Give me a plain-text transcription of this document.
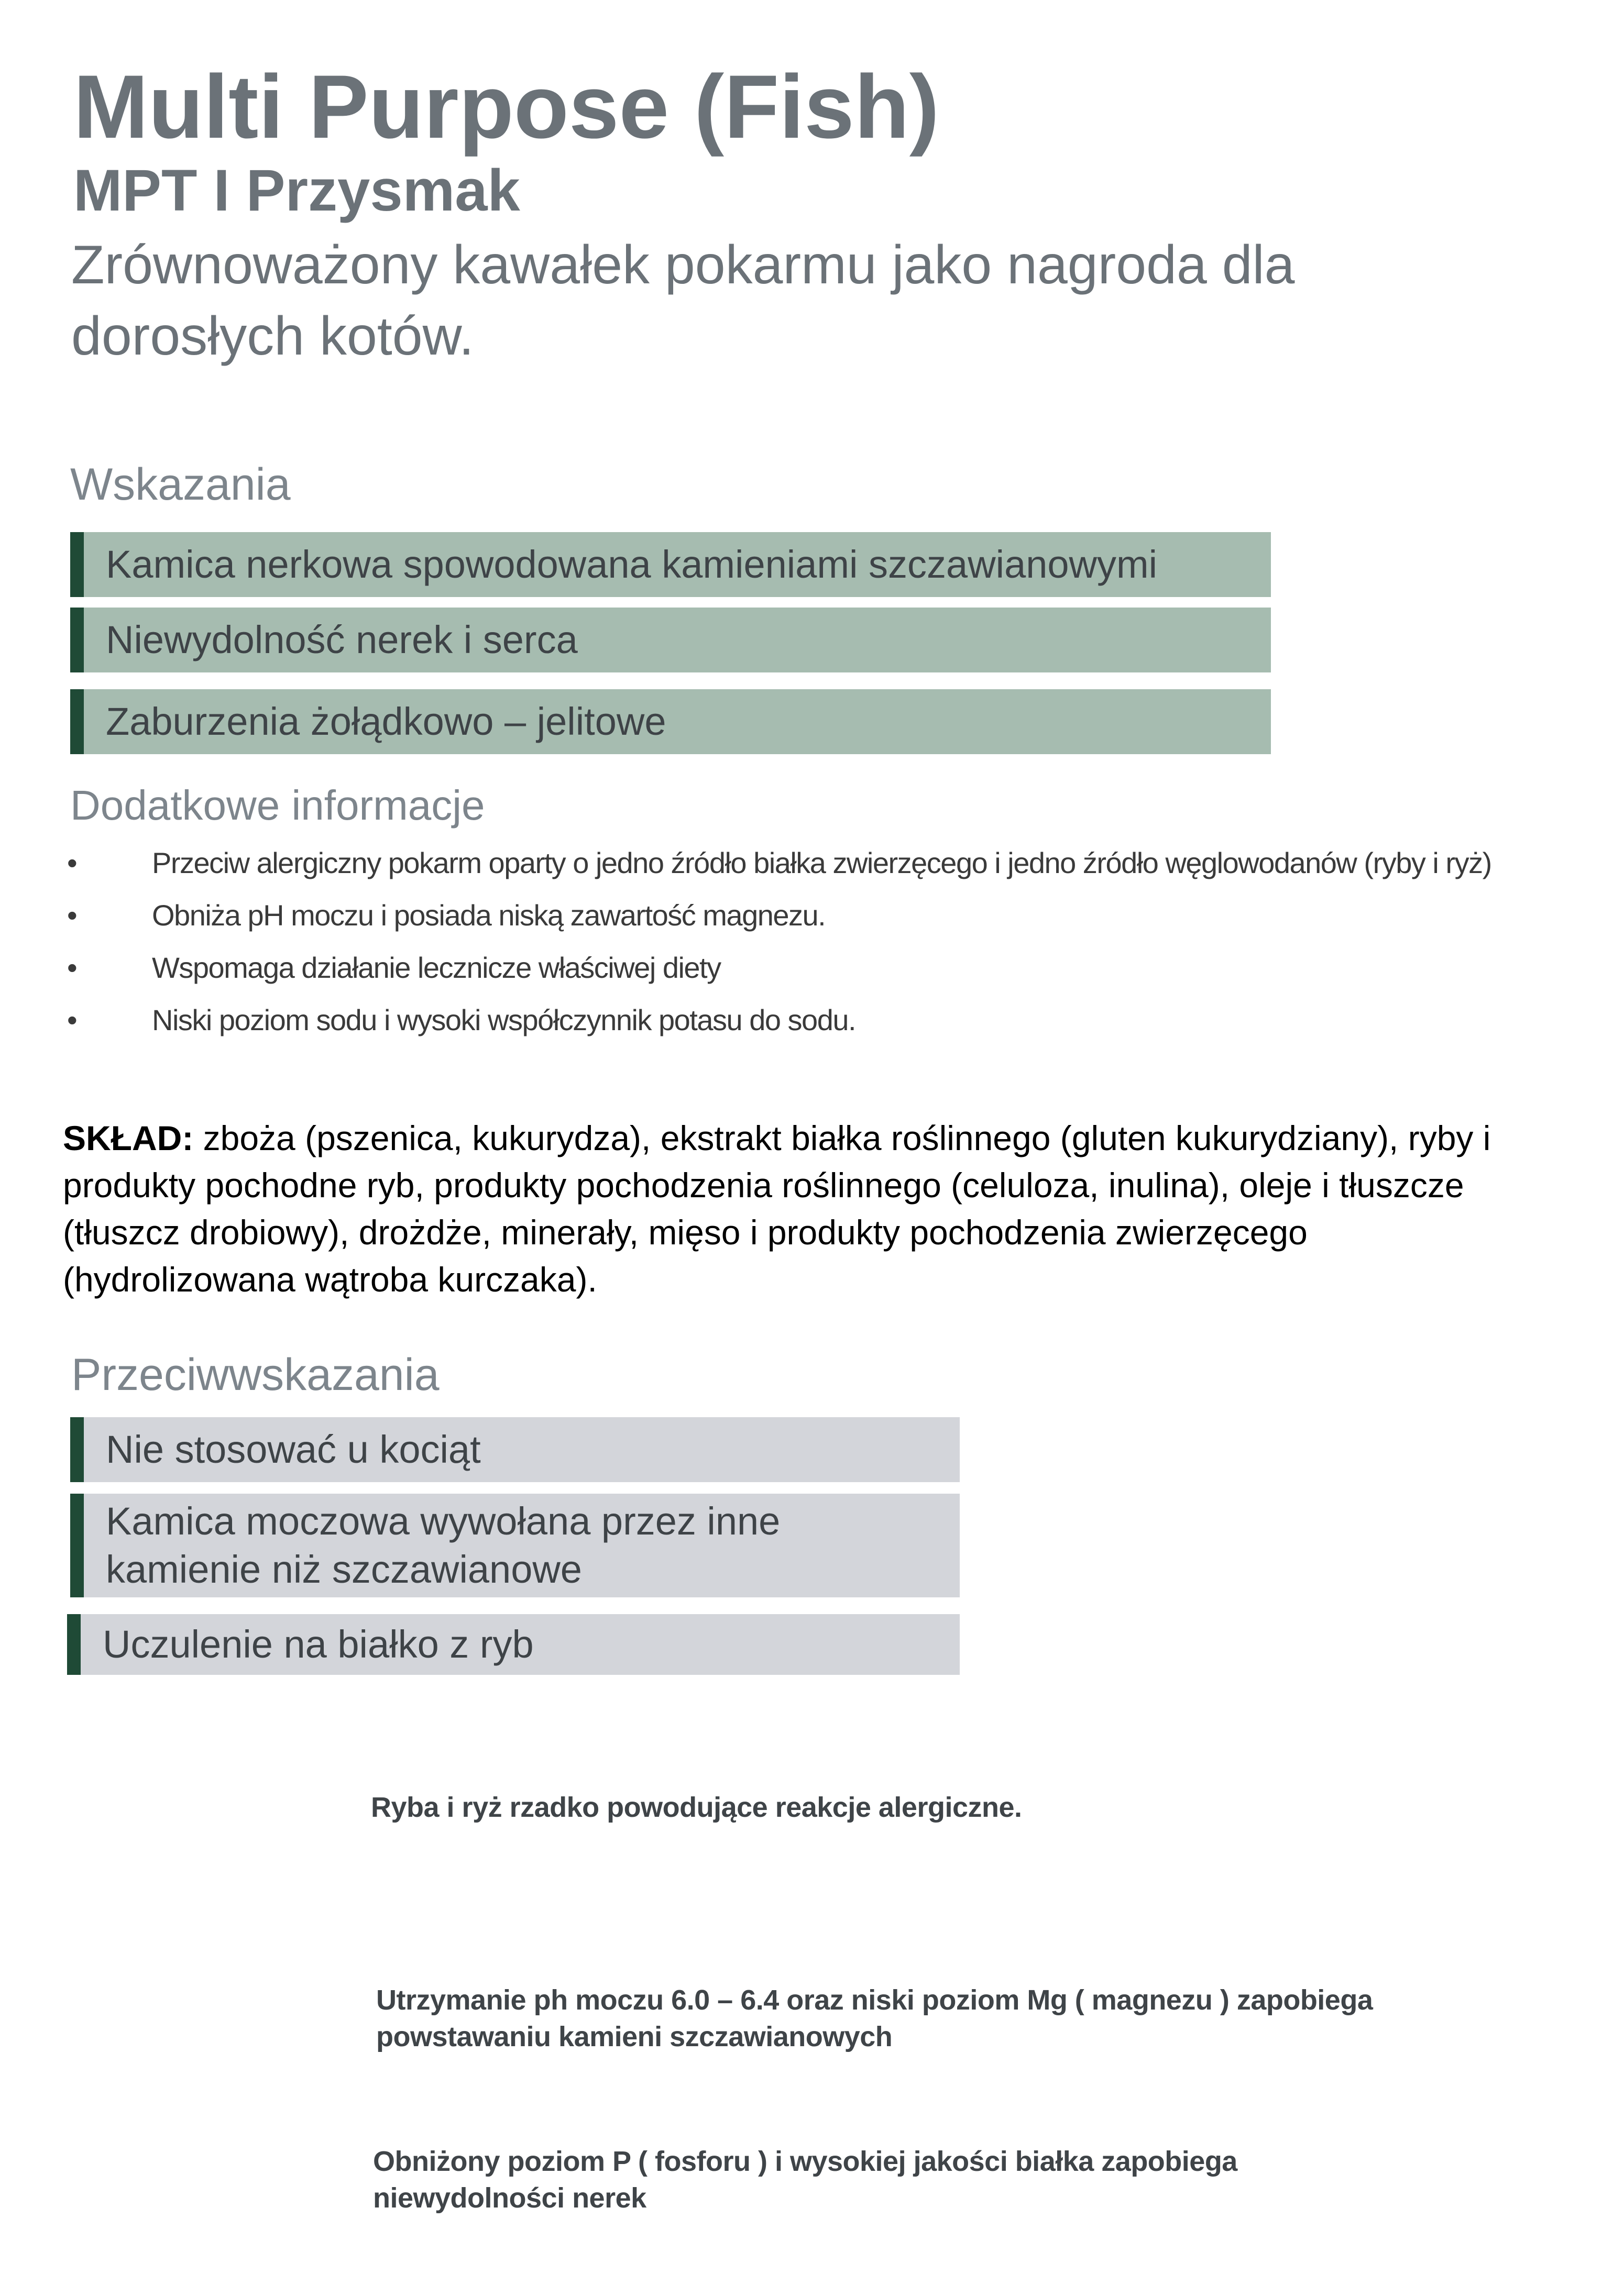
Multi Purpose (Fish)
MPT I Przysmak
Zrównoważony kawałek pokarmu jako nagroda dla dorosłych kotów.
Wskazania
Kamica nerkowa spowodowana kamieniami szczawianowymi
Niewydolność nerek i serca
Zaburzenia żołądkowo – jelitowe
Dodatkowe informacje
•	Przeciw alergiczny pokarm oparty o jedno źródło białka zwierzęcego i jedno źródło węglowodanów (ryby i ryż)
•	Obniża pH moczu i posiada niską zawartość magnezu.
•	Wspomaga działanie lecznicze właściwej diety
•	Niski poziom sodu i wysoki współczynnik potasu do sodu.
SKŁAD: zboża (pszenica, kukurydza), ekstrakt białka roślinnego (gluten kukurydziany), ryby i produkty pochodne ryb, produkty pochodzenia roślinnego (celuloza, inulina), oleje i tłuszcze (tłuszcz drobiowy), drożdże, minerały, mięso i produkty pochodzenia zwierzęcego (hydrolizowana wątroba kurczaka).
Przeciwwskazania
Nie stosować u kociąt
Kamica moczowa wywołana przez inne kamienie niż szczawianowe
Uczulenie na białko z ryb
Ryba i ryż rzadko powodujące reakcje alergiczne.
Utrzymanie ph moczu 6.0 – 6.4 oraz niski poziom Mg ( magnezu ) zapobiega powstawaniu kamieni szczawianowych
Obniżony poziom P ( fosforu ) i wysokiej jakości białka zapobiega niewydolności nerek
